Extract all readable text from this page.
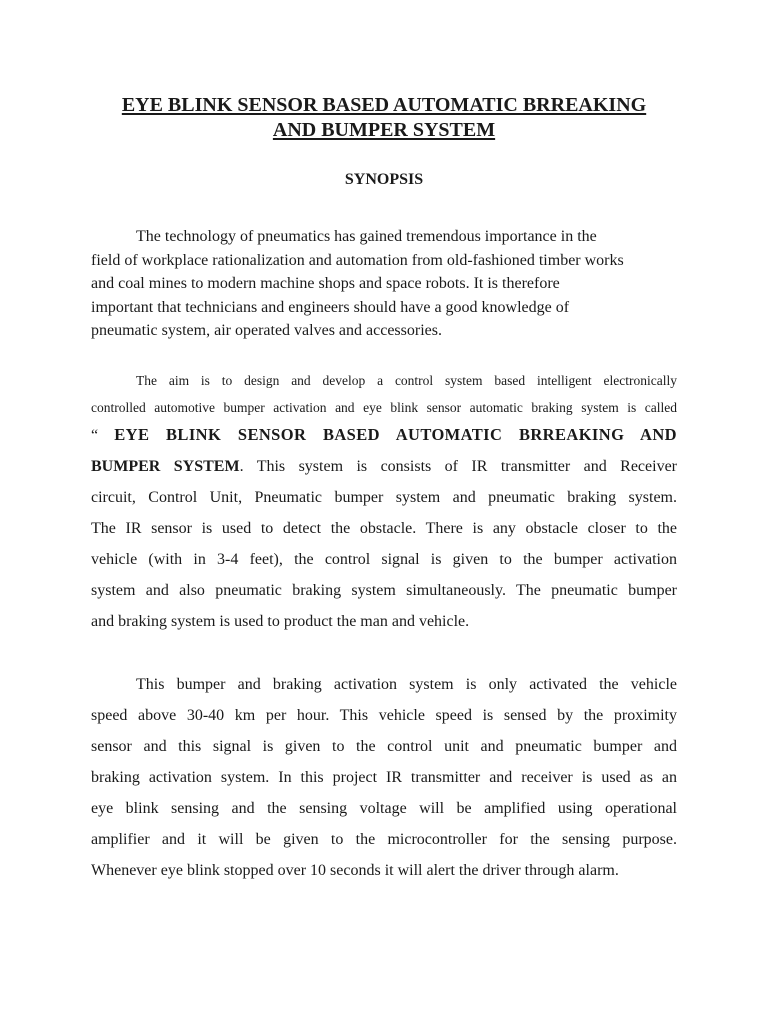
EYE BLINK SENSOR BASED AUTOMATIC BRREAKING
AND BUMPER SYSTEM
SYNOPSIS

The technology of pneumatics has gained tremendous importance in the
field of workplace rationalization and automation from old-fashioned timber works
and coal mines to modern machine shops and space robots. It is therefore
important that technicians and engineers should have a good knowledge of
pneumatic system, air operated valves and accessories.

The aim is to design and develop a control system based intelligent electronically
controlled automotive bumper activation and eye blink sensor automatic braking system is called

“ EYE BLINK SENSOR BASED AUTOMATIC BRREAKING AND
BUMPER SYSTEM. This system is consists of IR transmitter and Receiver
circuit, Control Unit, Pneumatic bumper system and pneumatic braking system.
The IR sensor is used to detect the obstacle. There is any obstacle closer to the
vehicle (with in 3-4 feet), the control signal is given to the bumper activation
system and also pneumatic braking system simultaneously. The pneumatic bumper
and braking system is used to product the man and vehicle.

This bumper and braking activation system is only activated the vehicle
speed above 30-40 km per hour. This vehicle speed is sensed by the proximity
sensor and this signal is given to the control unit and pneumatic bumper and
braking activation system. In this project IR transmitter and receiver is used as an
eye blink sensing and the sensing voltage will be amplified using operational
amplifier and it will be given to the microcontroller for the sensing purpose.
Whenever eye blink stopped over 10 seconds it will alert the driver through alarm.
